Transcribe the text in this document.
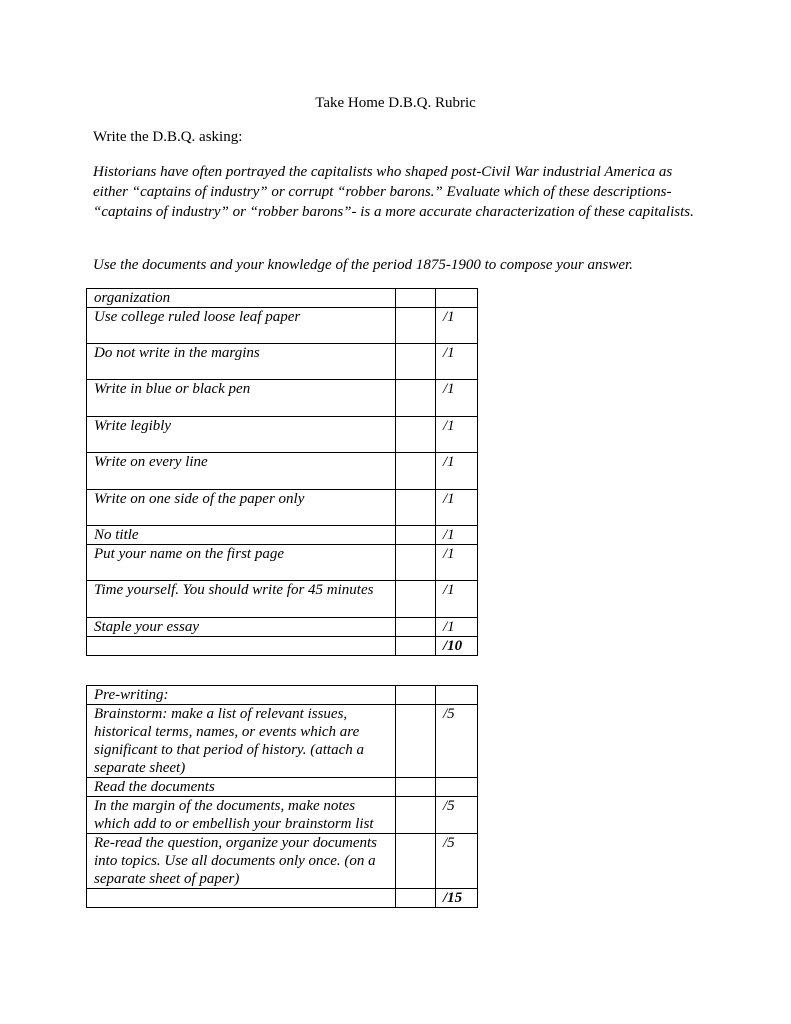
Take Home D.B.Q. Rubric
Write the D.B.Q. asking:
Historians have often portrayed the capitalists who shaped post-Civil War industrial America as either “captains of industry” or corrupt “robber barons.” Evaluate which of these descriptions- “captains of industry” or “robber barons”- is a more accurate characterization of these capitalists.
Use the documents and your knowledge of the period 1875-1900 to compose your answer.
organization		
Use college ruled loose leaf paper		/1
Do not write in the margins		/1
Write in blue or black pen		/1
Write legibly		/1
Write on every line		/1
Write on one side of the paper only		/1
No title		/1
Put your name on the first page		/1
Time yourself. You should write for 45 minutes		/1
Staple your essay		/1
		/10
Pre-writing:		
Brainstorm: make a list of relevant issues, historical terms, names, or events which are significant to that period of history. (attach a separate sheet)		/5
Read the documents		
In the margin of the documents, make notes which add to or embellish your brainstorm list		/5
Re-read the question, organize your documents into topics. Use all documents only once. (on a separate sheet of paper)		/5
		/15
